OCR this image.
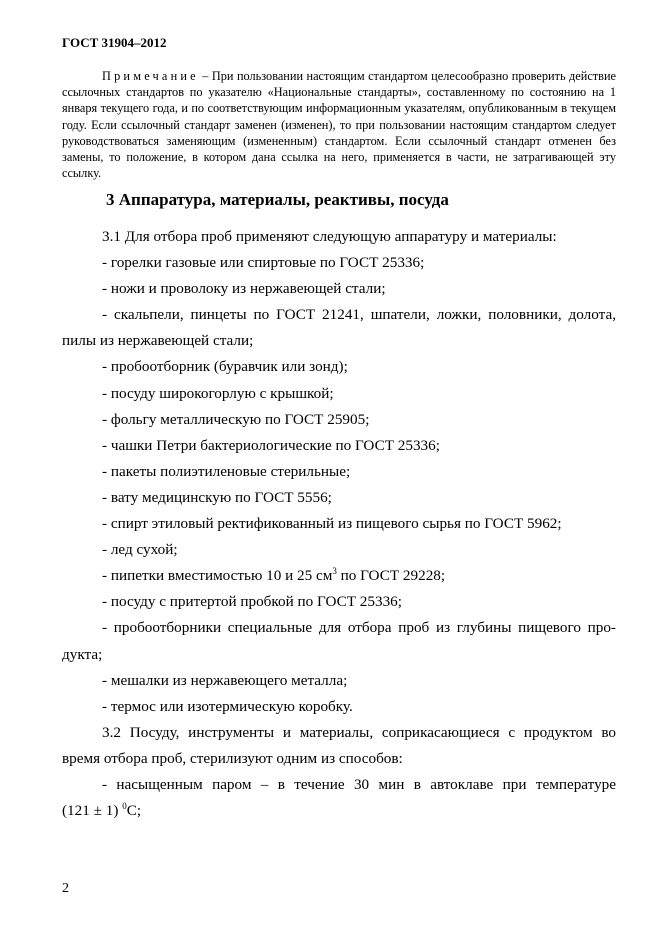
ГОСТ 31904–2012
Примечание – При пользовании настоящим стандартом целесообразно проверить действие ссылочных стандартов по указателю «Национальные стандарты», составленному по состоянию на 1 января текущего года, и по соответствующим информационным указателям, опубликованным в текущем году. Если ссылочный стандарт заменен (изменен), то при пользовании настоящим стандартом следует руководствоваться заменяющим (измененным) стандартом. Если ссылочный стандарт отменен без замены, то положение, в котором дана ссылка на него, применяется в части, не затрагивающей эту ссылку.
3 Аппаратура, материалы, реактивы, посуда

3.1 Для отбора проб применяют следующую аппаратуру и материалы:

- горелки газовые или спиртовые по ГОСТ 25336;

- ножи и проволоку из нержавеющей стали;

- скальпели, пинцеты по ГОСТ 21241, шпатели, ложки, половники, долота,

пилы из нержавеющей стали;

- пробоотборник (буравчик или зонд);

- посуду широкогорлую с крышкой;

- фольгу металлическую по ГОСТ 25905;

- чашки Петри бактериологические по ГОСТ 25336;

- пакеты полиэтиленовые стерильные;

- вату медицинскую по ГОСТ 5556;

- спирт этиловый ректификованный из пищевого сырья по ГОСТ 5962;

- лед сухой;

- пипетки вместимостью 10 и 25 $см^3$ по ГОСТ 29228;

- посуду с притертой пробкой по ГОСТ 25336;

- пробоотборники специальные для отбора проб из глубины пищевого про-

дукта;

- мешалки из нержавеющего металла;

- термос или изотермическую коробку.

3.2 Посуду, инструменты и материалы, соприкасающиеся с продуктом во

время отбора проб, стерилизуют одним из способов:

- насыщенным паром – в течение 30 мин в автоклаве при температуре

(121 ± 1) $^0$С;

2
